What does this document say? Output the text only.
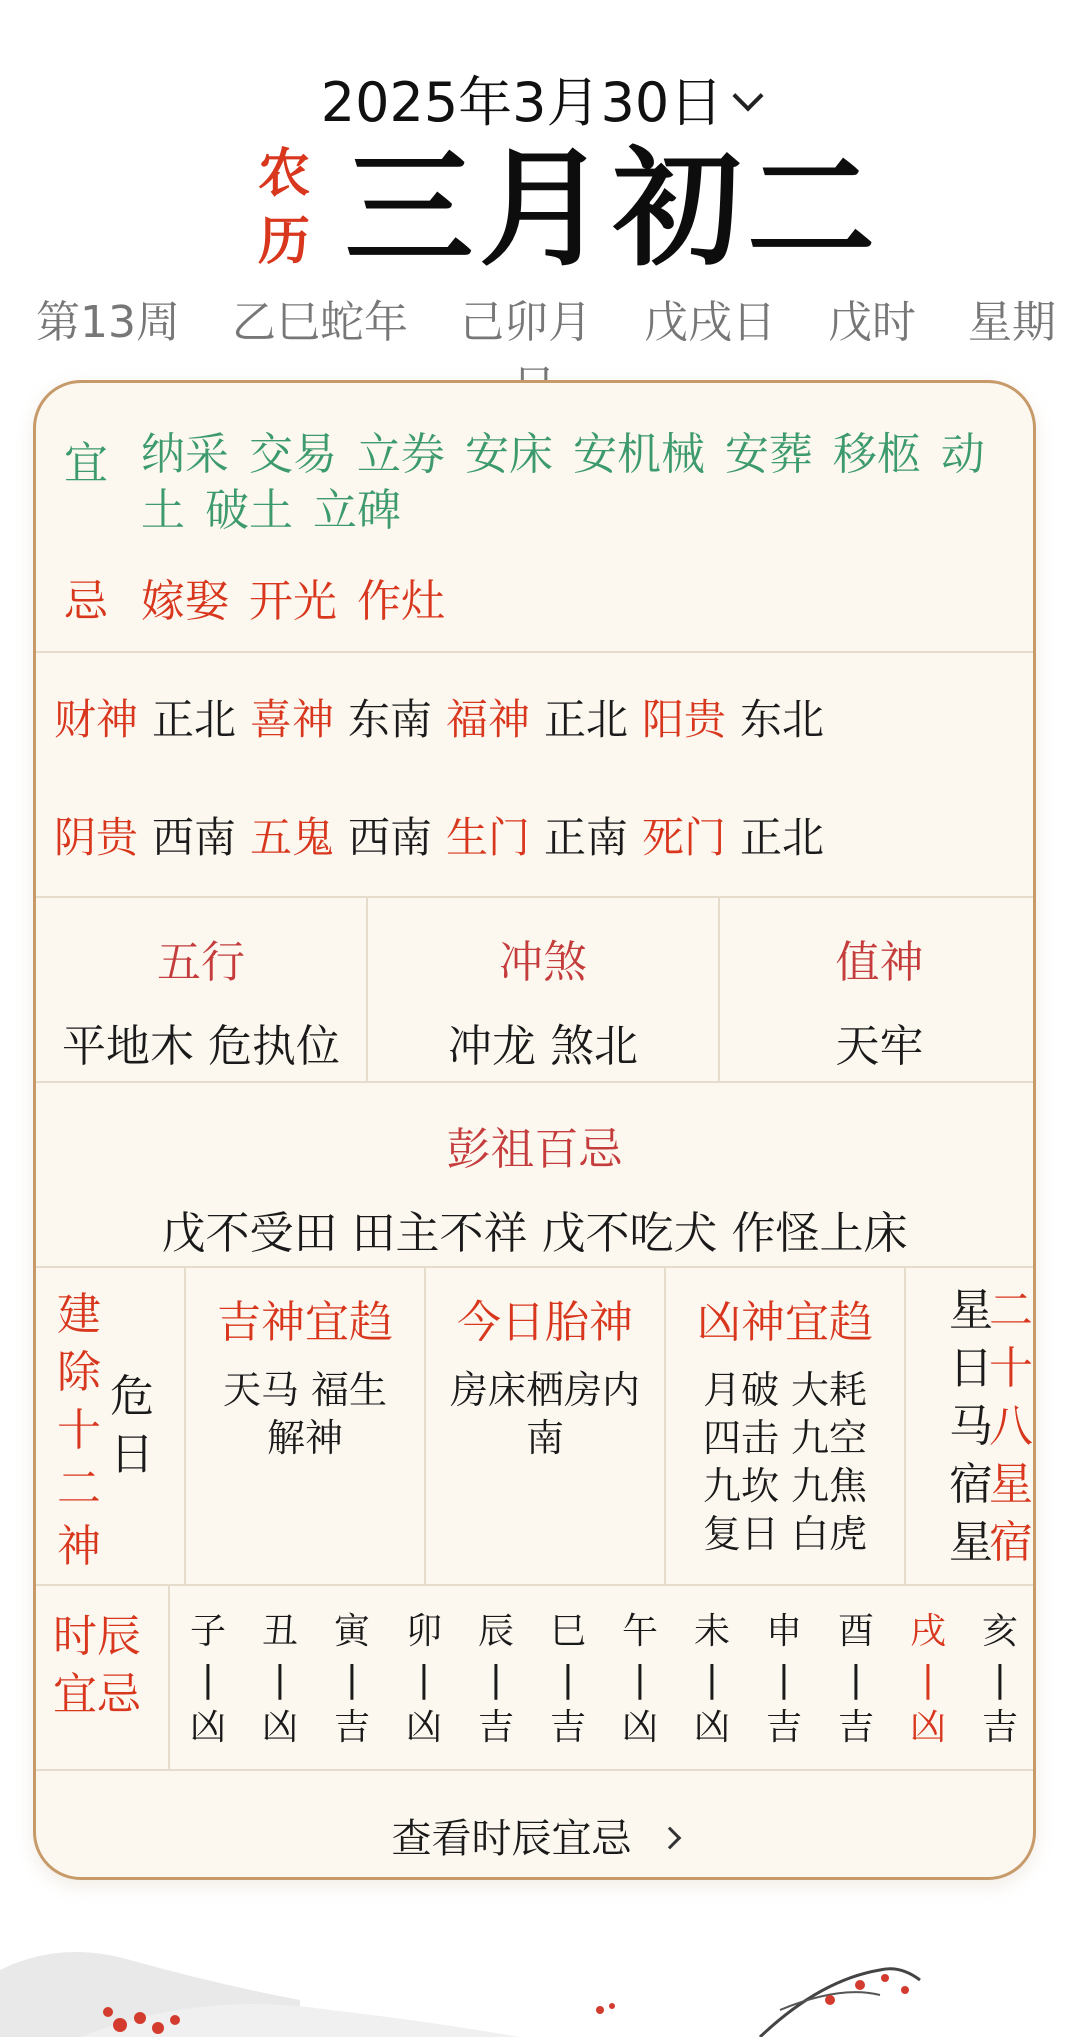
2025年3月30日
农
历 三月初二
第13周 乙巳蛇年 己卯月 戊戌日 戊时 星期
宜 纳采 交易 立券 安床 安机械 安葬 移柩 动土 破土 立碑
忌 嫁娶 开光 作灶
财神 正北 喜神 东南 福神 正北 阳贵 东北
阴贵 西南 五鬼 西南 生门 正南 死门 正北
五行
平地木 危执位
冲煞
冲龙 煞北
值神
天牢
彭祖百忌
戊不受田 田主不祥 戊不吃犬 作怪上床
建
除
十
二
神
危
日
吉神宜趋
天马 福生 解神
今日胎神
房床栖房内南
凶神宜趋
月破 大耗 四击 九空 九坎 九焦 复日 白虎
星
日
马
宿
星
二
十
八
星
宿
时辰
宜忌
子
|
凶
丑
|
凶
寅
|
吉
卯
|
凶
辰
|
吉
巳
|
吉
午
|
凶
未
|
凶
申
|
吉
酉
|
吉
戌
|
凶
亥
|
吉
查看时辰宜忌
